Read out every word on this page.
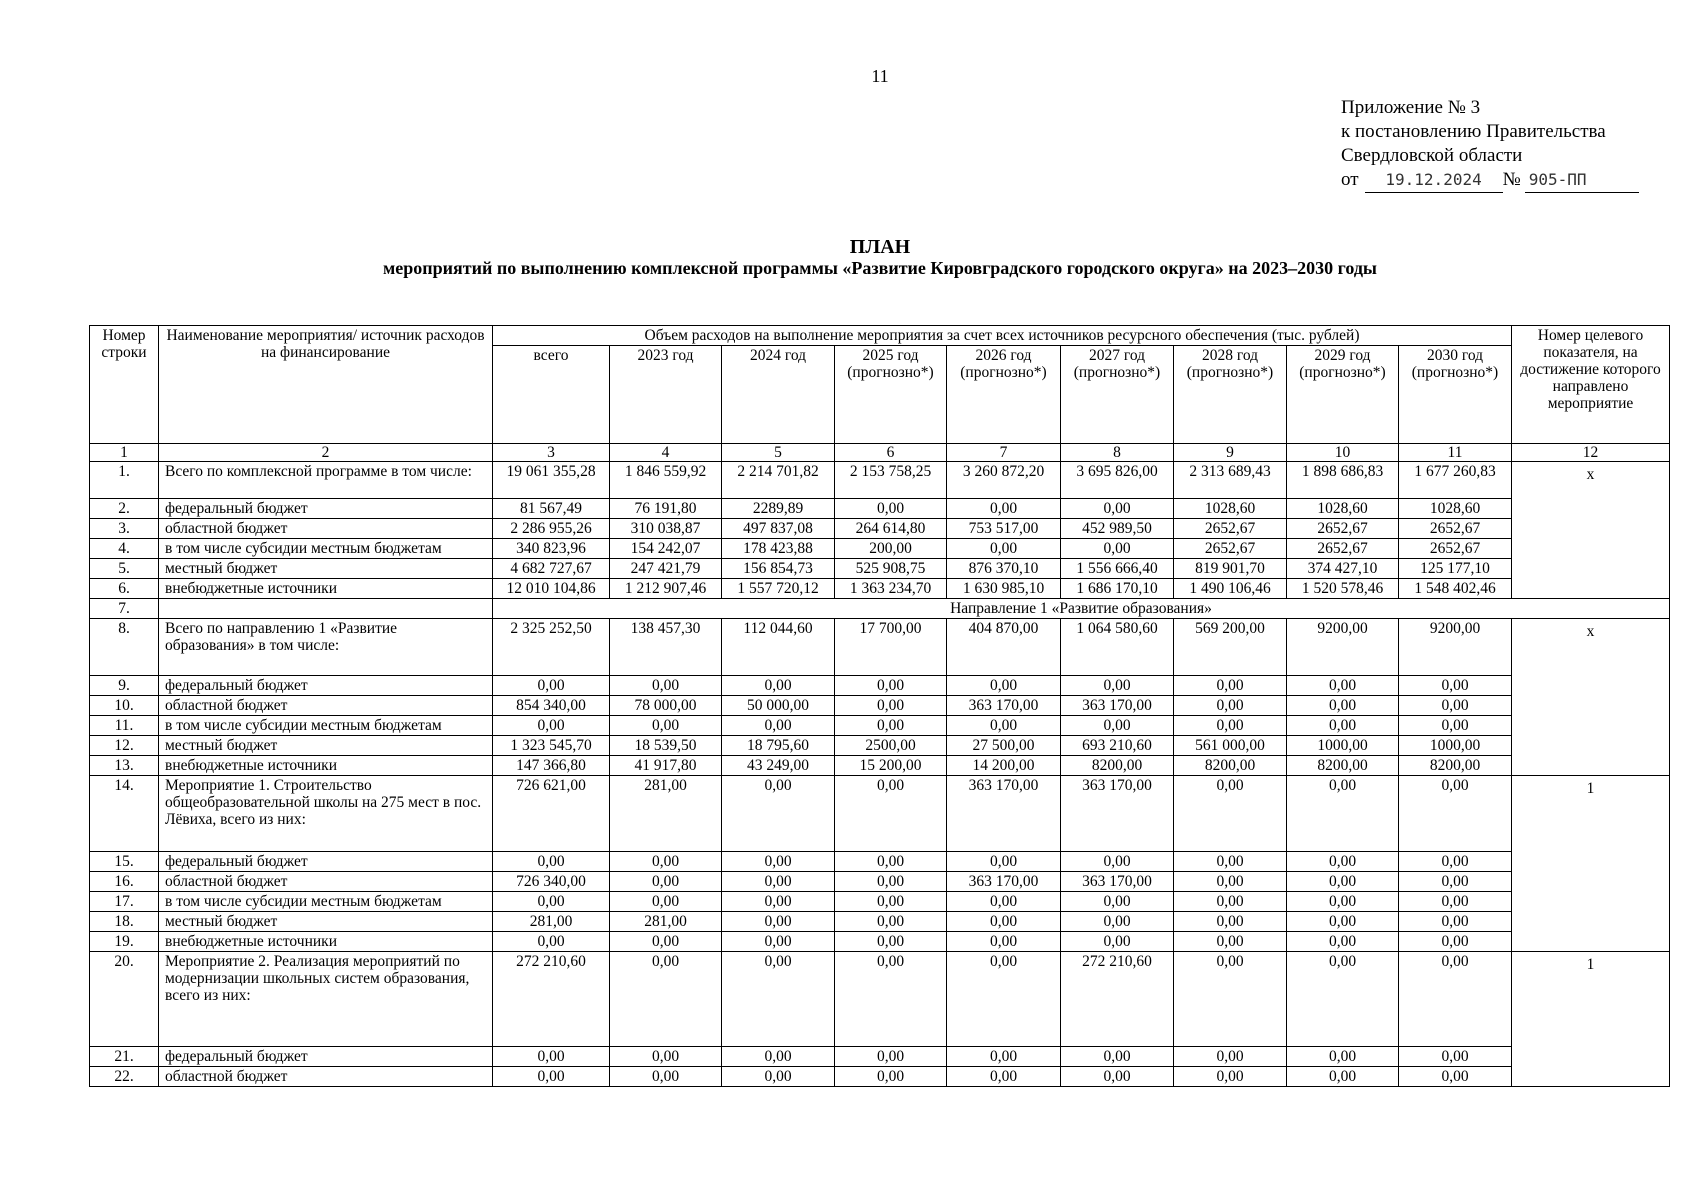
11
Приложение № 3
к постановлению Правительства
Свердловской области
от	19.12.2024	№ 905-ПП
ПЛАН
мероприятий по выполнению комплексной программы «Развитие Кировградского городского округа» на 2023–2030 годы
Номер строки	Наименование мероприятия/ источник расходов на финансирование	Объем расходов на выполнение мероприятия за счет всех источников ресурсного обеспечения (тыс. рублей)									Номер целевого показателя, на достижение которого направлено мероприятие
		всего	2023 год	2024 год	2025 год (прогнозно*)	2026 год (прогнозно*)	2027 год (прогнозно*)	2028 год (прогнозно*)	2029 год (прогнозно*)	2030 год (прогнозно*)	
1	2	3	4	5	6	7	8	9	10	11	12
1.	Всего по комплексной программе в том числе:	19 061 355,28	1 846 559,92	2 214 701,82	2 153 758,25	3 260 872,20	3 695 826,00	2 313 689,43	1 898 686,83	1 677 260,83	x
2.	федеральный бюджет	81 567,49	76 191,80	2289,89	0,00	0,00	0,00	1028,60	1028,60	1028,60	
3.	областной бюджет	2 286 955,26	310 038,87	497 837,08	264 614,80	753 517,00	452 989,50	2652,67	2652,67	2652,67	
4.	в том числе субсидии местным бюджетам	340 823,96	154 242,07	178 423,88	200,00	0,00	0,00	2652,67	2652,67	2652,67	
5.	местный бюджет	4 682 727,67	247 421,79	156 854,73	525 908,75	876 370,10	1 556 666,40	819 901,70	374 427,10	125 177,10	
6.	внебюджетные источники	12 010 104,86	1 212 907,46	1 557 720,12	1 363 234,70	1 630 985,10	1 686 170,10	1 490 106,46	1 520 578,46	1 548 402,46	
7.		Направление 1 «Развитие образования»									
8.	Всего по направлению 1 «Развитие образования» в том числе:	2 325 252,50	138 457,30	112 044,60	17 700,00	404 870,00	1 064 580,60	569 200,00	9200,00	9200,00	x
9.	федеральный бюджет	0,00	0,00	0,00	0,00	0,00	0,00	0,00	0,00	0,00	
10.	областной бюджет	854 340,00	78 000,00	50 000,00	0,00	363 170,00	363 170,00	0,00	0,00	0,00	
11.	в том числе субсидии местным бюджетам	0,00	0,00	0,00	0,00	0,00	0,00	0,00	0,00	0,00	
12.	местный бюджет	1 323 545,70	18 539,50	18 795,60	2500,00	27 500,00	693 210,60	561 000,00	1000,00	1000,00	
13.	внебюджетные источники	147 366,80	41 917,80	43 249,00	15 200,00	14 200,00	8200,00	8200,00	8200,00	8200,00	
14.	Мероприятие 1. Строительство общеобразовательной школы на 275 мест в пос. Лёвиха, всего из них:	726 621,00	281,00	0,00	0,00	363 170,00	363 170,00	0,00	0,00	0,00	1
15.	федеральный бюджет	0,00	0,00	0,00	0,00	0,00	0,00	0,00	0,00	0,00	
16.	областной бюджет	726 340,00	0,00	0,00	0,00	363 170,00	363 170,00	0,00	0,00	0,00	
17.	в том числе субсидии местным бюджетам	0,00	0,00	0,00	0,00	0,00	0,00	0,00	0,00	0,00	
18.	местный бюджет	281,00	281,00	0,00	0,00	0,00	0,00	0,00	0,00	0,00	
19.	внебюджетные источники	0,00	0,00	0,00	0,00	0,00	0,00	0,00	0,00	0,00	
20.	Мероприятие 2. Реализация мероприятий по модернизации школьных систем образования, всего из них:	272 210,60	0,00	0,00	0,00	0,00	272 210,60	0,00	0,00	0,00	1
21.	федеральный бюджет	0,00	0,00	0,00	0,00	0,00	0,00	0,00	0,00	0,00	
22.	областной бюджет	0,00	0,00	0,00	0,00	0,00	0,00	0,00	0,00	0,00	
